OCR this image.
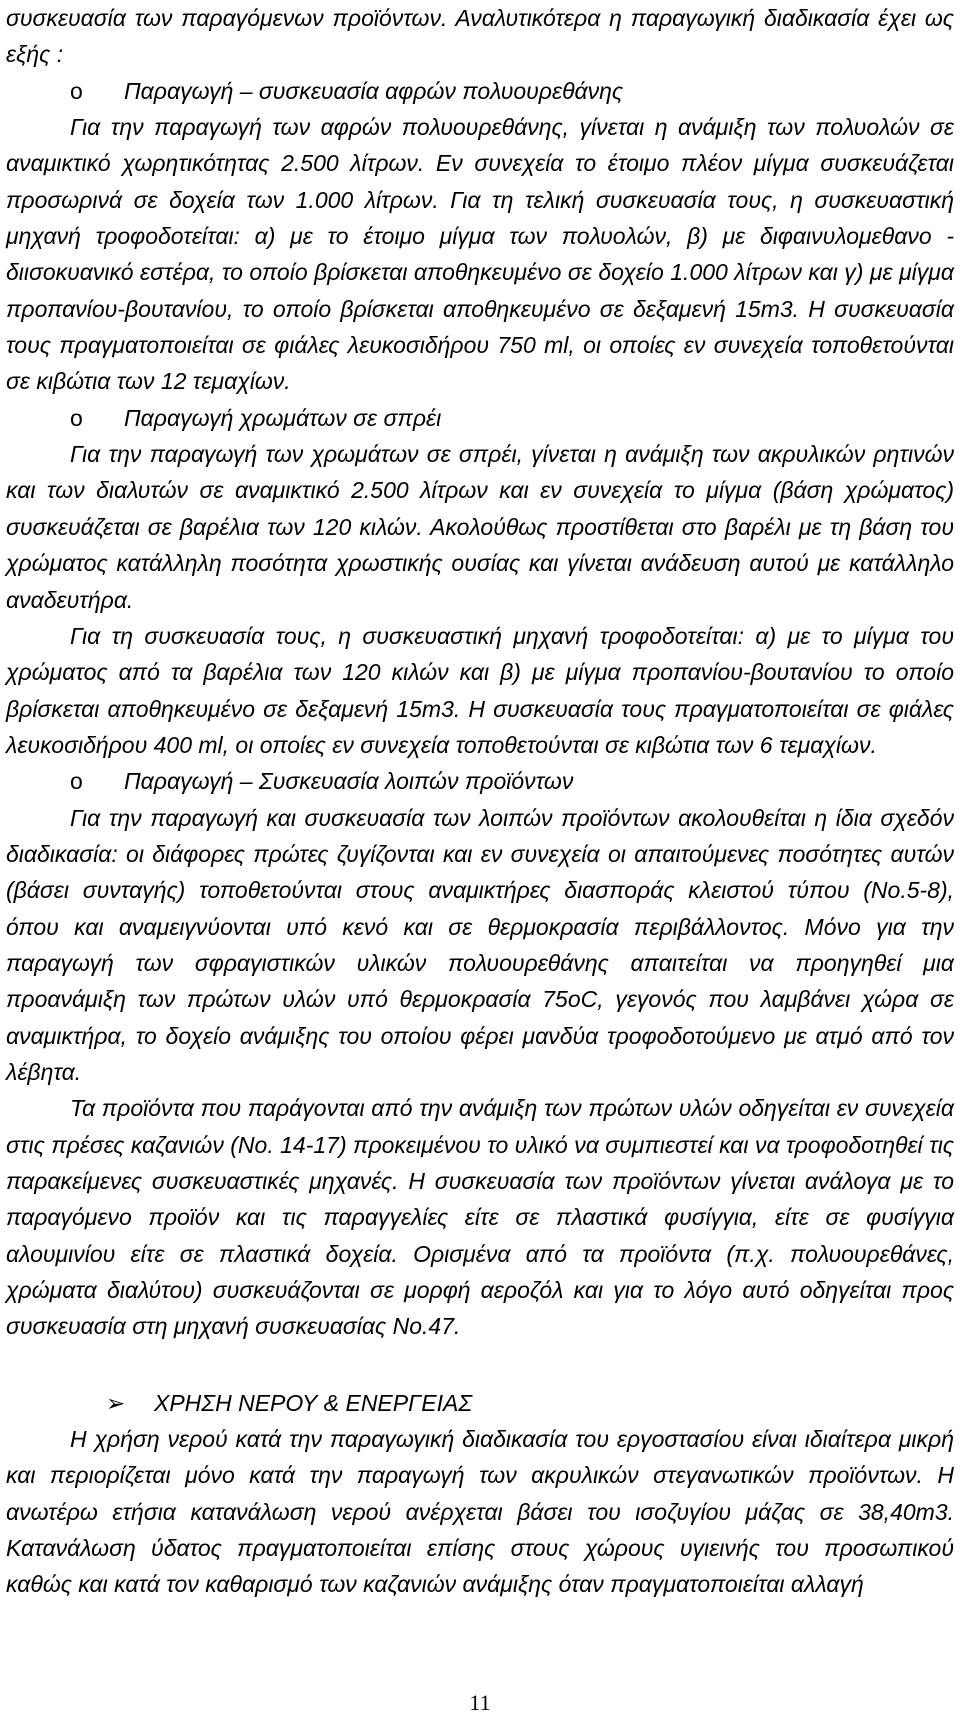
συσκευασία των παραγόμενων προϊόντων. Αναλυτικότερα η παραγωγική διαδικασία έχει ως εξής :

o Παραγωγή – συσκευασία αφρών πολυουρεθάνης

Για την παραγωγή των αφρών πολυουρεθάνης, γίνεται η ανάμιξη των πολυολών σε αναμικτικό χωρητικότητας 2.500 λίτρων. Εν συνεχεία το έτοιμο πλέον μίγμα συσκευάζεται προσωρινά σε δοχεία των 1.000 λίτρων. Για τη τελική συσκευασία τους, η συσκευαστική μηχανή τροφοδοτείται: α) με το έτοιμο μίγμα των πολυολών, β) με διφαινυλομεθανο - διισοκυανικό εστέρα, το οποίο βρίσκεται αποθηκευμένο σε δοχείο 1.000 λίτρων και γ) με μίγμα προπανίου-βουτανίου, το οποίο βρίσκεται αποθηκευμένο σε δεξαμενή 15m3. Η συσκευασία τους πραγματοποιείται σε φιάλες λευκοσιδήρου 750 ml, οι οποίες εν συνεχεία τοποθετούνται σε κιβώτια των 12 τεμαχίων.

o Παραγωγή χρωμάτων σε σπρέι

Για την παραγωγή των χρωμάτων σε σπρέι, γίνεται η ανάμιξη των ακρυλικών ρητινών και των διαλυτών σε αναμικτικό 2.500 λίτρων και εν συνεχεία το μίγμα (βάση χρώματος) συσκευάζεται σε βαρέλια των 120 κιλών. Ακολούθως προστίθεται στο βαρέλι με τη βάση του χρώματος κατάλληλη ποσότητα χρωστικής ουσίας και γίνεται ανάδευση αυτού με κατάλληλο αναδευτήρα.

Για τη συσκευασία τους, η συσκευαστική μηχανή τροφοδοτείται: α) με το μίγμα του χρώματος από τα βαρέλια των 120 κιλών και β) με μίγμα προπανίου-βουτανίου το οποίο βρίσκεται αποθηκευμένο σε δεξαμενή 15m3. Η συσκευασία τους πραγματοποιείται σε φιάλες λευκοσιδήρου 400 ml, οι οποίες εν συνεχεία τοποθετούνται σε κιβώτια των 6 τεμαχίων.

o Παραγωγή – Συσκευασία λοιπών προϊόντων

Για την παραγωγή και συσκευασία των λοιπών προϊόντων ακολουθείται η ίδια σχεδόν διαδικασία: οι διάφορες πρώτες ζυγίζονται και εν συνεχεία οι απαιτούμενες ποσότητες αυτών (βάσει συνταγής) τοποθετούνται στους αναμικτήρες διασποράς κλειστού τύπου (No.5-8), όπου και αναμειγνύονται υπό κενό και σε θερμοκρασία περιβάλλοντος. Μόνο για την παραγωγή των σφραγιστικών υλικών πολυουρεθάνης απαιτείται να προηγηθεί μια προανάμιξη των πρώτων υλών υπό θερμοκρασία 75oC, γεγονός που λαμβάνει χώρα σε αναμικτήρα, το δοχείο ανάμιξης του οποίου φέρει μανδύα τροφοδοτούμενο με ατμό από τον λέβητα.

Τα προϊόντα που παράγονται από την ανάμιξη των πρώτων υλών οδηγείται εν συνεχεία στις πρέσες καζανιών (No. 14-17) προκειμένου το υλικό να συμπιεστεί και να τροφοδοτηθεί τις παρακείμενες συσκευαστικές μηχανές. Η συσκευασία των προϊόντων γίνεται ανάλογα με το παραγόμενο προϊόν και τις παραγγελίες είτε σε πλαστικά φυσίγγια, είτε σε φυσίγγια αλουμινίου είτε σε πλαστικά δοχεία. Ορισμένα από τα προϊόντα (π.χ. πολυουρεθάνες, χρώματα διαλύτου) συσκευάζονται σε μορφή αεροζόλ και για το λόγο αυτό οδηγείται προς συσκευασία στη μηχανή συσκευασίας No.47.

➢ ΧΡΗΣΗ ΝΕΡΟΥ & ΕΝΕΡΓΕΙΑΣ

Η χρήση νερού κατά την παραγωγική διαδικασία του εργοστασίου είναι ιδιαίτερα μικρή και περιορίζεται μόνο κατά την παραγωγή των ακρυλικών στεγανωτικών προϊόντων. Η ανωτέρω ετήσια κατανάλωση νερού ανέρχεται βάσει του ισοζυγίου μάζας σε 38,40m3. Κατανάλωση ύδατος πραγματοποιείται επίσης στους χώρους υγιεινής του προσωπικού καθώς και κατά τον καθαρισμό των καζανιών ανάμιξης όταν πραγματοποιείται αλλαγή

11
